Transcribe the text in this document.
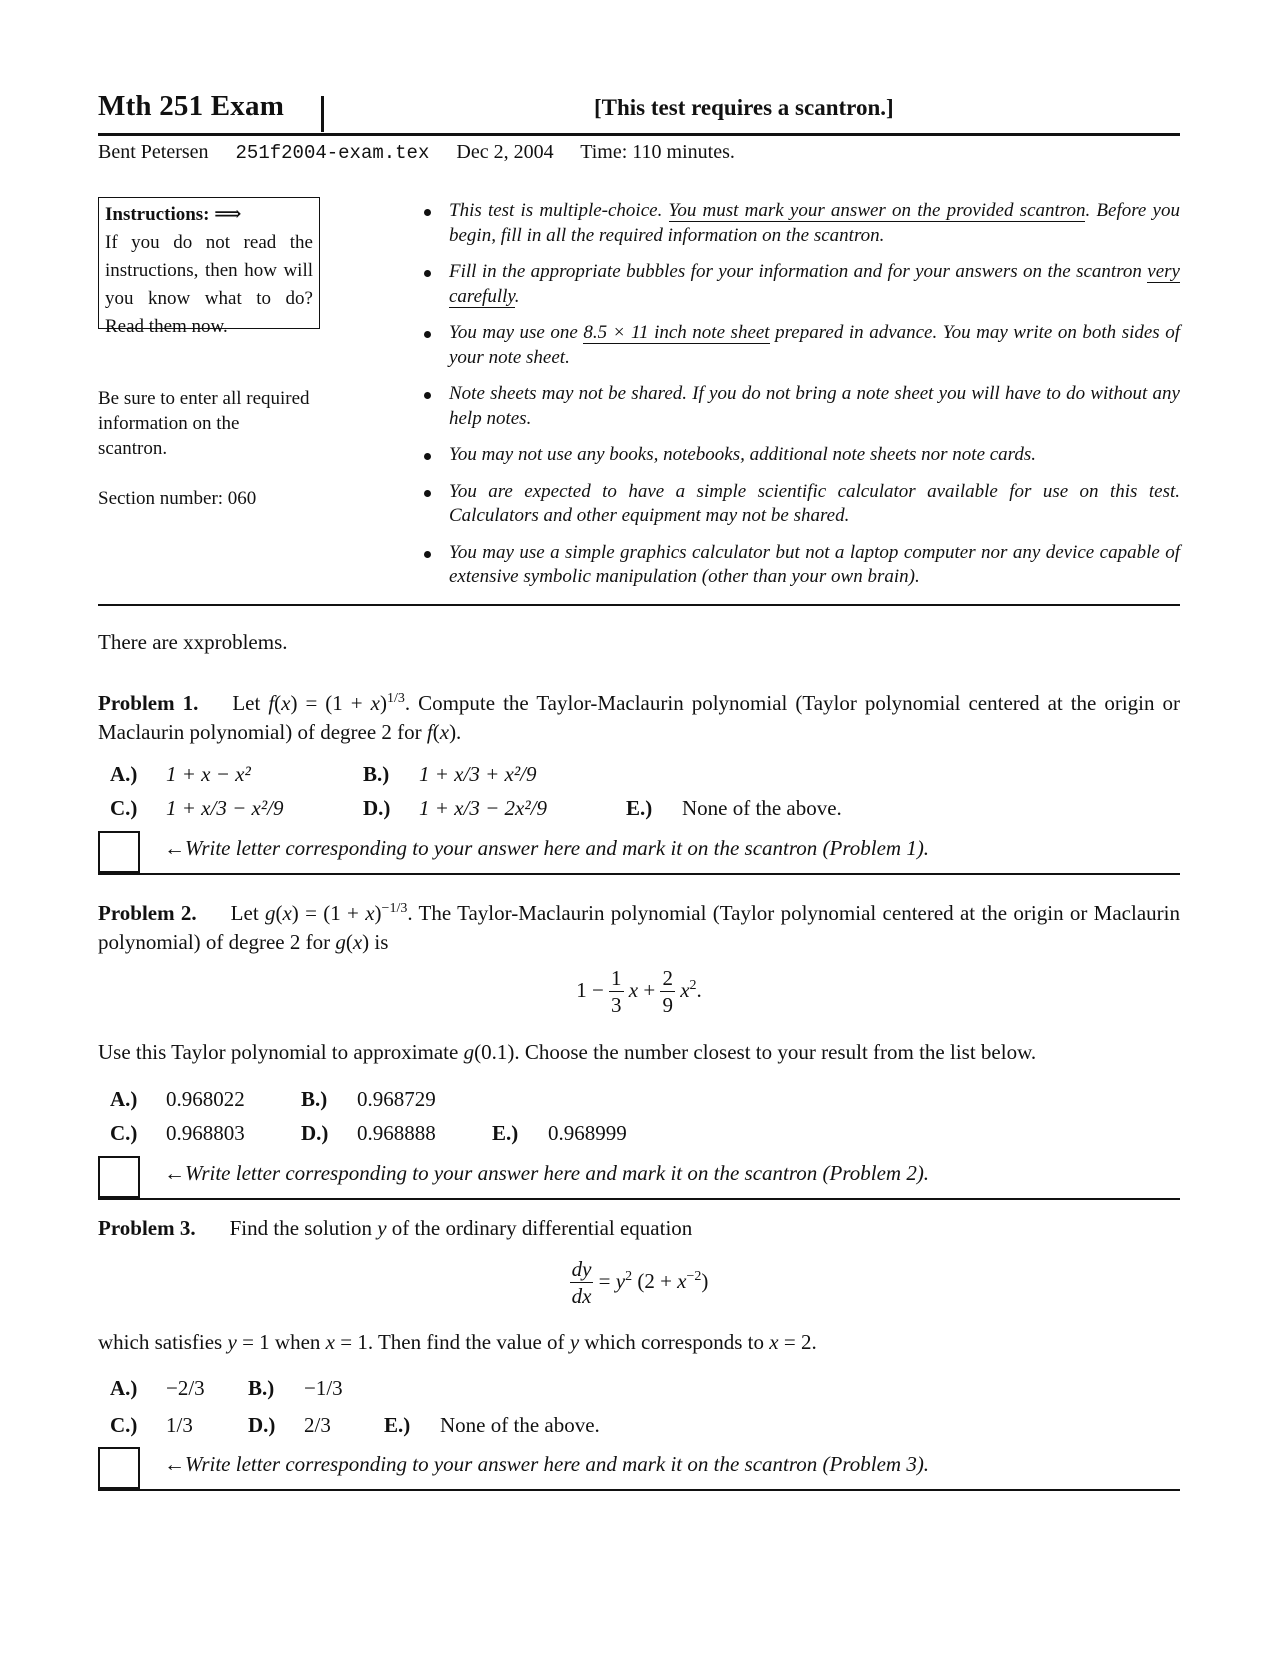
Mth 251 Exam	[This test requires a scantron.]
Bent Petersen 251f2004-exam.tex Dec 2, 2004 Time: 110 minutes.
Instructions: ⟹
If you do not read the instructions, then how will you know what to do? Read them now.
Be sure to enter all required information on the scantron.
Section number: 060
This test is multiple-choice. You must mark your answer on the provided scantron. Before you begin, fill in all the required information on the scantron.
Fill in the appropriate bubbles for your information and for your answers on the scantron very carefully.
You may use one 8.5 × 11 inch note sheet prepared in advance. You may write on both sides of your note sheet.
Note sheets may not be shared. If you do not bring a note sheet you will have to do without any help notes.
You may not use any books, notebooks, additional note sheets nor note cards.
You are expected to have a simple scientific calculator available for use on this test. Calculators and other equipment may not be shared.
You may use a simple graphics calculator but not a laptop computer nor any device capable of extensive symbolic manipulation (other than your own brain).
There are xxproblems.
Problem 1. Let $f(x) = (1 + x)^{1/3}$. Compute the Taylor-Maclaurin polynomial (Taylor polynomial centered at the origin or Maclaurin polynomial) of degree 2 for f(x).
A.) 1 + x − x²	B.) 1 + x/3 + x²/9
C.) 1 + x/3 − x²/9	D.) 1 + x/3 − 2x²/9	E.) None of the above.
←Write letter corresponding to your answer here and mark it on the scantron (Problem 1).
Problem 2. Let $g(x) = (1 + x)^{-1/3}$. The Taylor-Maclaurin polynomial (Taylor polynomial centered at the origin or Maclaurin polynomial) of degree 2 for g(x) is
$1 - \frac{1}{3}$ $x + \frac{2}{9} x^2$.
Use this Taylor polynomial to approximate g(0.1). Choose the number closest to your result from the list below.
A.) 0.968022	B.) 0.968729
C.) 0.968803	D.) 0.968888	E.) 0.968999
←Write letter corresponding to your answer here and mark it on the scantron (Problem 2).
Problem 3. Find the solution y of the ordinary differential equation
$\frac{dy}{dx} = y^2$ $(2 + x^{-2})$
which satisfies y = 1 when x = 1. Then find the value of y which corresponds to x = 2.
A.) −2/3 B.) −1/3
C.) 1/3	D.) 2/3	E.) None of the above.
←Write letter corresponding to your answer here and mark it on the scantron (Problem 3).
